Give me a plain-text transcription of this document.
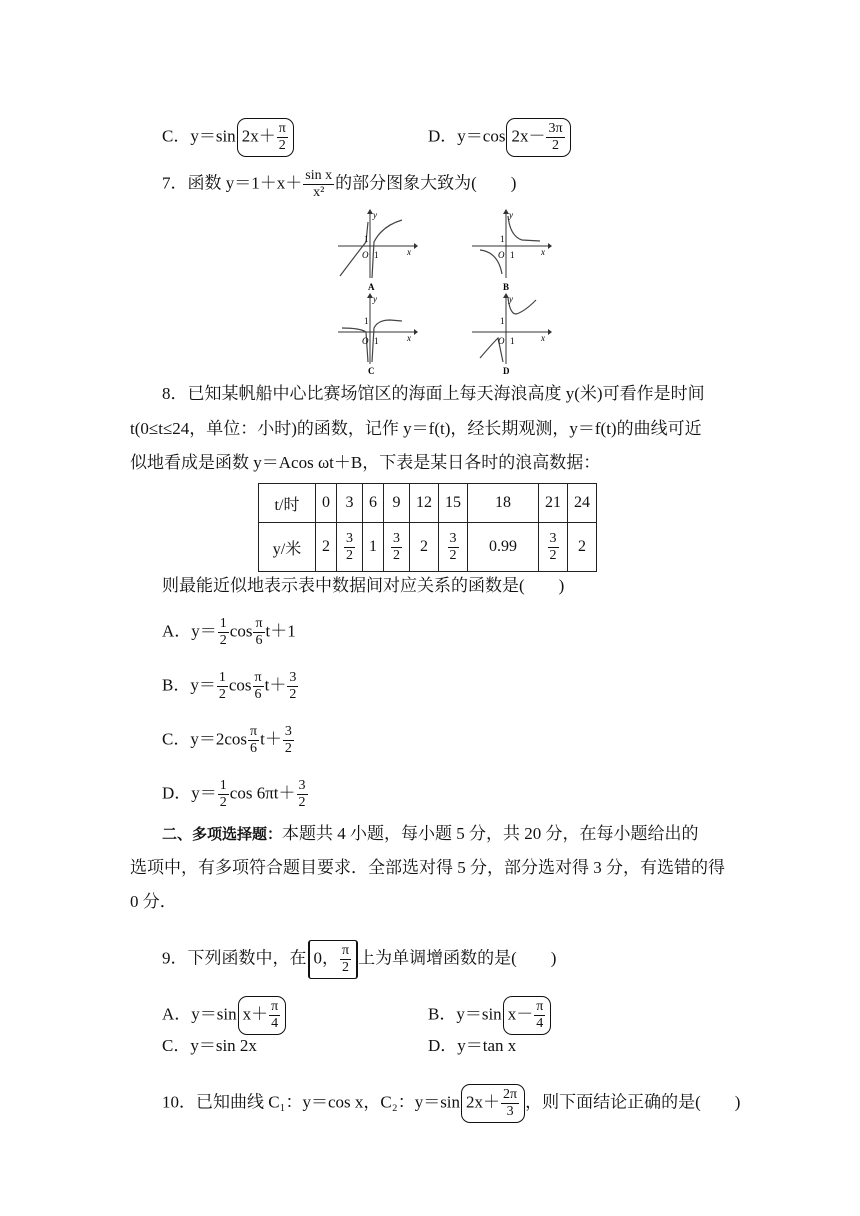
C．y＝sin $2x+ \frac{\pi}{2}$	D．y＝cos $2x- \frac{3\pi}{2}$
7．函数 $y=1+x+ \frac{\text{sin x}}{\text{x²}}$ 的部分图象大致为(　　)
x
y
O 1
1
A
x
y
O 1
1
B
x
y
O 1
1
C
x
y
O 1
1
D
8．已知某帆船中心比赛场馆区的海面上每天海浪高度 y(米)可看作是时间
t(0≤t≤24，单位：小时)的函数，记作 y＝f(t)，经长期观测，y＝f(t)的曲线可近
似地看成是函数 y＝Acos ωt＋B，下表是某日各时的浪高数据：
t/时	0	3	6	9	12	15	18	21	24
y/米	2	$\frac{3}{2}$	1	$\frac{3}{2}$	2	$\frac{3}{2}$	0.99	$\frac{3}{2}$	2
则最能近似地表示表中数据间对应关系的函数是(　　)
A．$y= \frac{1}{2}$ $\cos \frac{\pi}{6} t+1$
B．$y= \frac{1}{2}$ $\cos \frac{\pi}{6} t+ \frac{3}{2}$
C．$y=2\cos \frac{\pi}{6} t+ \frac{3}{2}$
D．$y= \frac{1}{2}$ $\cos 6\pi t+ \frac{3}{2}$
二、多项选择题：本题共 4 小题，每小题 5 分，共 20 分，在每小题给出的
选项中，有多项符合题目要求．全部选对得 5 分，部分选对得 3 分，有选错的得
0 分．
9．下列函数中，在 0， $\frac{\pi}{2}$ 上为单调增函数的是(　　)
A．y＝sin $x+ \frac{\pi}{4}$	B．y＝sin $x- \frac{\pi}{4}$
C．y＝sin 2x	D．y＝tan x
10．已知曲线 C₁：y＝cos x，C₂：y＝sin $2x+ \frac{2\pi}{3}$ ，则下面结论正确的是(　　)
